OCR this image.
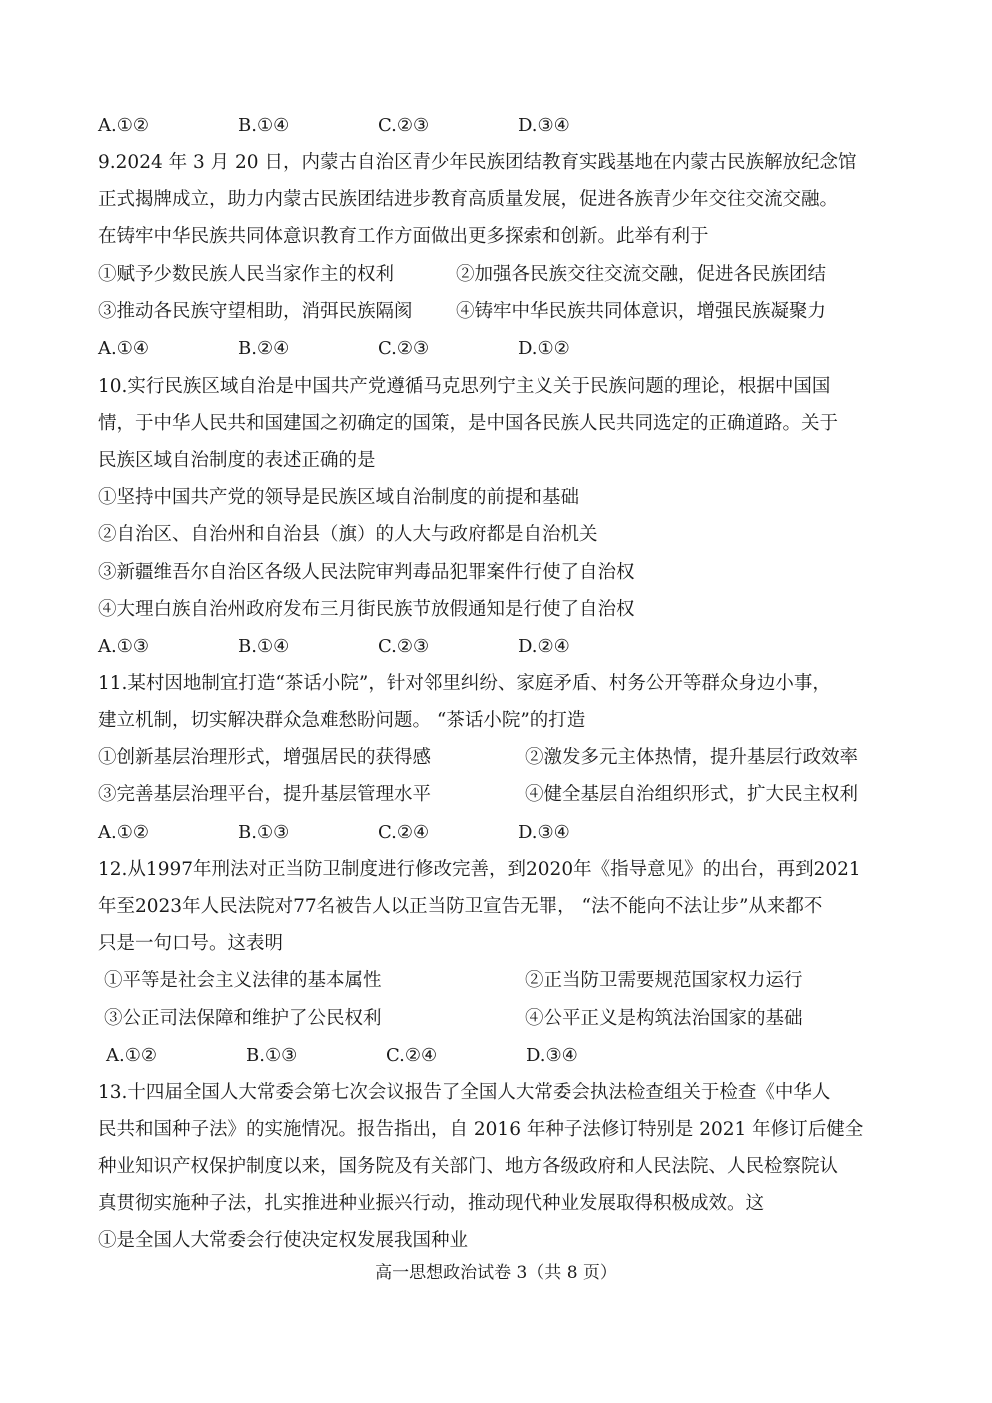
A.①②	B.①④	C.②③	D.③④
9.2024 年 3 月 20 日，内蒙古自治区青少年民族团结教育实践基地在内蒙古民族解放纪念馆
正式揭牌成立，助力内蒙古民族团结进步教育高质量发展，促进各族青少年交往交流交融。
在铸牢中华民族共同体意识教育工作方面做出更多探索和创新。此举有利于
①赋予少数民族人民当家作主的权利	②加强各民族交往交流交融，促进各民族团结
③推动各民族守望相助，消弭民族隔阂 ④铸牢中华民族共同体意识，增强民族凝聚力
A.①④	B.②④	C.②③	D.①②
10.实行民族区域自治是中国共产党遵循马克思列宁主义关于民族问题的理论，根据中国国
情，于中华人民共和国建国之初确定的国策，是中国各民族人民共同选定的正确道路。关于
民族区域自治制度的表述正确的是
①坚持中国共产党的领导是民族区域自治制度的前提和基础
②自治区、自治州和自治县（旗）的人大与政府都是自治机关
③新疆维吾尔自治区各级人民法院审判毒品犯罪案件行使了自治权
④大理白族自治州政府发布三月街民族节放假通知是行使了自治权
A.①③	B.①④	C.②③	D.②④
11.某村因地制宜打造“茶话小院”，针对邻里纠纷、家庭矛盾、村务公开等群众身边小事，
建立机制，切实解决群众急难愁盼问题。 “茶话小院”的打造
①创新基层治理形式，增强居民的获得感	②激发多元主体热情，提升基层行政效率
③完善基层治理平台，提升基层管理水平	④健全基层自治组织形式，扩大民主权利
A.①②	B.①③	C.②④	D.③④
12.从1997年刑法对正当防卫制度进行修改完善，到2020年《指导意见》的出台，再到2021
年至2023年人民法院对77名被告人以正当防卫宣告无罪， “法不能向不法让步”从来都不
只是一句口号。这表明
①平等是社会主义法律的基本属性	②正当防卫需要规范国家权力运行
③公正司法保障和维护了公民权利	④公平正义是构筑法治国家的基础
A.①②	B.①③	C.②④	D.③④
13.十四届全国人大常委会第七次会议报告了全国人大常委会执法检查组关于检查《中华人
民共和国种子法》的实施情况。报告指出，自 2016 年种子法修订特别是 2021 年修订后健全
种业知识产权保护制度以来，国务院及有关部门、地方各级政府和人民法院、人民检察院认
真贯彻实施种子法，扎实推进种业振兴行动，推动现代种业发展取得积极成效。这
①是全国人大常委会行使决定权发展我国种业
高一思想政治试卷 3（共 8 页）
